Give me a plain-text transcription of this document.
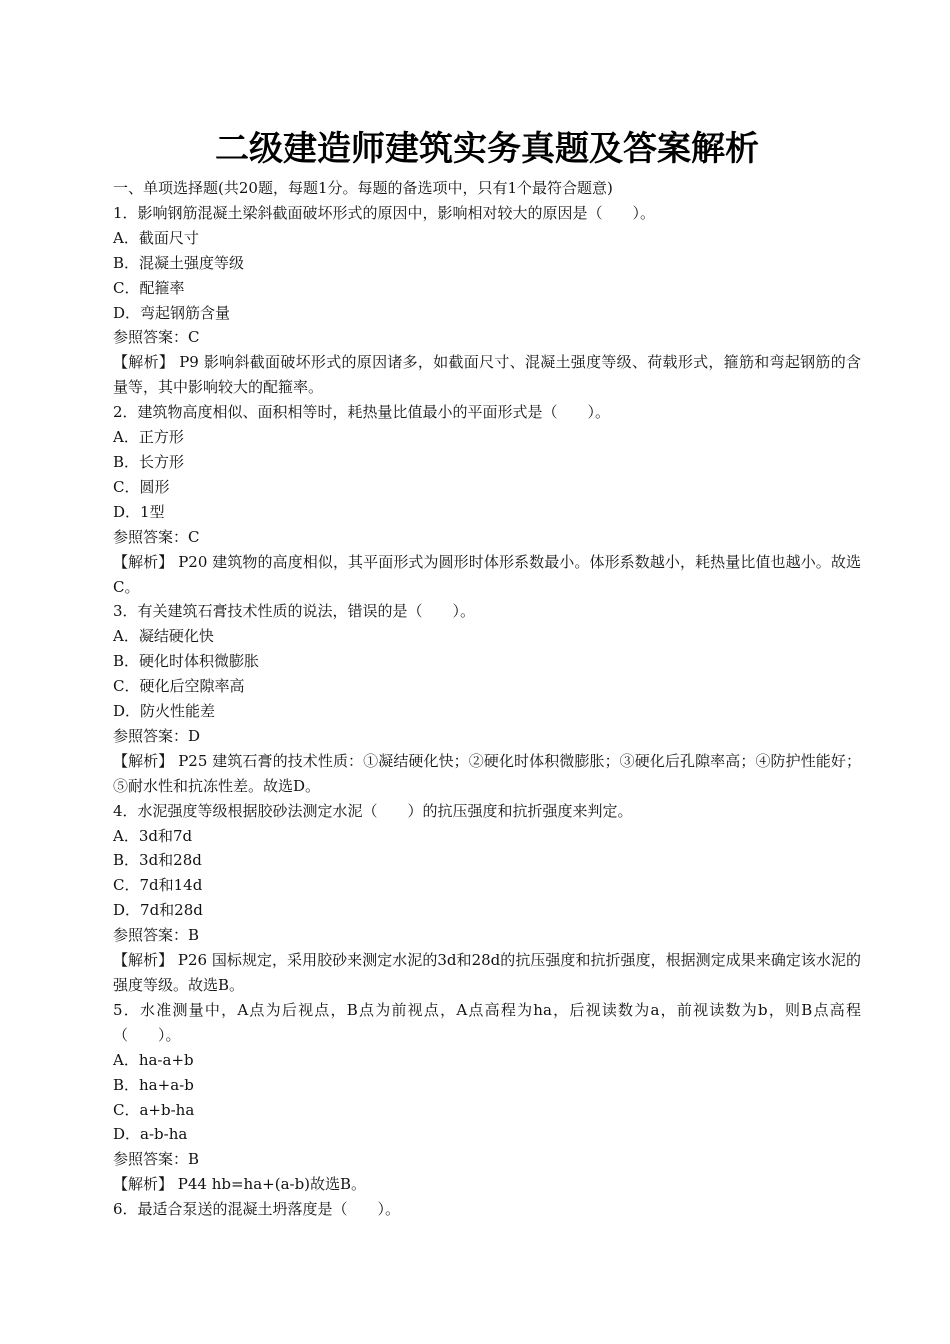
二级建造师建筑实务真题及答案解析
一、单项选择题(共20题，每题1分。每题的备选项中，只有1个最符合题意)
1．影响钢筋混凝土梁斜截面破坏形式的原因中，影响相对较大的原因是（　　）。
A．截面尺寸
B．混凝土强度等级
C．配箍率
D．弯起钢筋含量
参照答案：C
【解析】 P9 影响斜截面破坏形式的原因诸多，如截面尺寸、混凝土强度等级、荷载形式，箍筋和弯起钢筋的含量等，其中影响较大的配箍率。
2．建筑物高度相似、面积相等时，耗热量比值最小的平面形式是（　　）。
A．正方形
B．长方形
C．圆形
D．1型
参照答案：C
【解析】 P20 建筑物的高度相似，其平面形式为圆形时体形系数最小。体形系数越小，耗热量比值也越小。故选C。
3．有关建筑石膏技术性质的说法，错误的是（　　）。
A．凝结硬化快
B．硬化时体积微膨胀
C．硬化后空隙率高
D．防火性能差
参照答案：D
【解析】 P25 建筑石膏的技术性质：①凝结硬化快；②硬化时体积微膨胀；③硬化后孔隙率高；④防护性能好；⑤耐水性和抗冻性差。故选D。
4．水泥强度等级根据胶砂法测定水泥（　　）的抗压强度和抗折强度来判定。
A．3d和7d
B．3d和28d
C．7d和14d
D．7d和28d
参照答案：B
【解析】 P26 国标规定，采用胶砂来测定水泥的3d和28d的抗压强度和抗折强度，根据测定成果来确定该水泥的强度等级。故选B。
5．水准测量中，A点为后视点，B点为前视点，A点高程为ha，后视读数为a，前视读数为b，则B点高程（　　）。
A．ha-a+b
B．ha+a-b
C．a+b-ha
D．a-b-ha
参照答案：B
【解析】 P44 hb=ha+(a-b)故选B。
6．最适合泵送的混凝土坍落度是（　　）。
